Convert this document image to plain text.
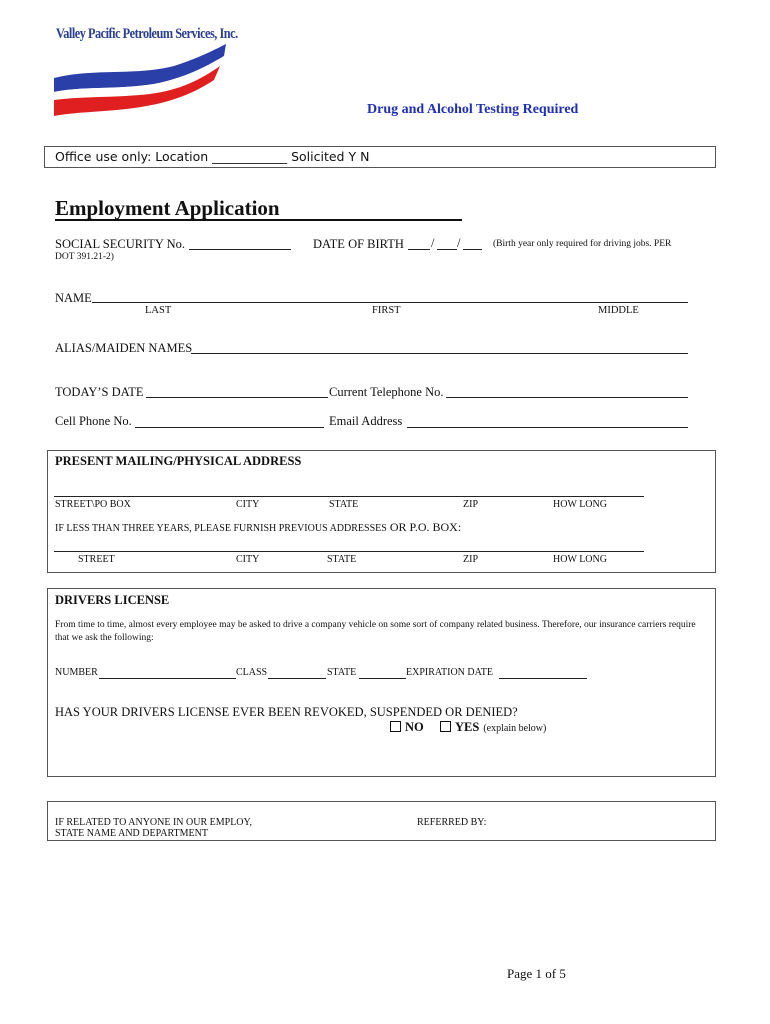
Valley Pacific Petroleum Services, Inc.
Drug and Alcohol Testing Required
Office use only: Location ____________ Solicited Y N
Employment Application
SOCIAL SECURITY No.	DATE OF BIRTH / /	(Birth year only required for driving jobs. PER
DOT 391.21-2)
NAME
LAST	FIRST	MIDDLE
ALIAS/MAIDEN NAMES
TODAY’S DATE	Current Telephone No.
Cell Phone No.	Email Address
PRESENT MAILING/PHYSICAL ADDRESS
STREET\PO BOX	CITY	STATE	ZIP	HOW LONG
IF LESS THAN THREE YEARS, PLEASE FURNISH PREVIOUS ADDRESSES OR P.O. BOX:
STREET	CITY	STATE	ZIP	HOW LONG
DRIVERS LICENSE
From time to time, almost every employee may be asked to drive a company vehicle on some sort of company related business. Therefore, our insurance carriers require that we ask the following:
NUMBER	CLASS	STATE	EXPIRATION DATE
HAS YOUR DRIVERS LICENSE EVER BEEN REVOKED, SUSPENDED OR DENIED?
NO	YES (explain below)
IF RELATED TO ANYONE IN OUR EMPLOY,
STATE NAME AND DEPARTMENT
REFERRED BY:
Page 1 of 5
